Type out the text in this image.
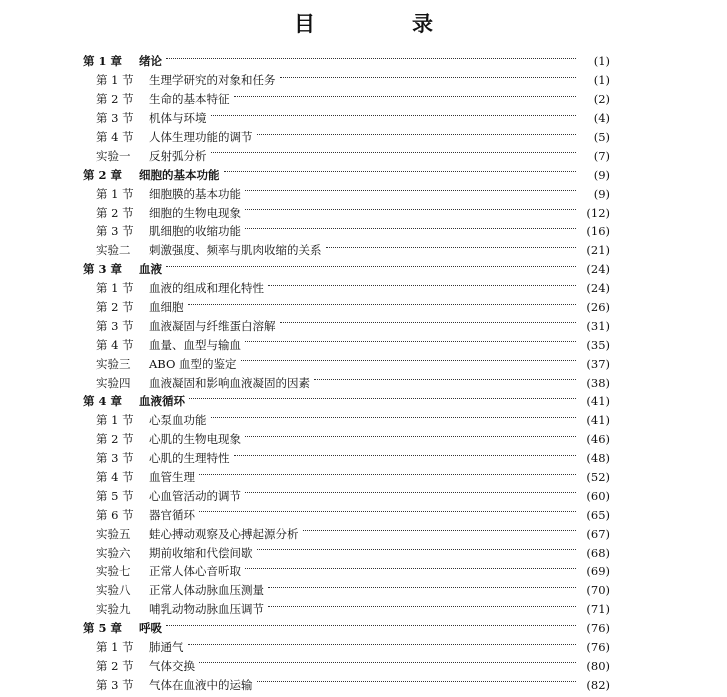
目　录
第 1 章	绪论	(1)
第 1 节	生理学研究的对象和任务	(1)
第 2 节	生命的基本特征	(2)
第 3 节	机体与环境	(4)
第 4 节	人体生理功能的调节	(5)
实验一	反射弧分析	(7)
第 2 章	细胞的基本功能	(9)
第 1 节	细胞膜的基本功能	(9)
第 2 节	细胞的生物电现象	(12)
第 3 节	肌细胞的收缩功能	(16)
实验二	刺激强度、频率与肌肉收缩的关系	(21)
第 3 章	血液	(24)
第 1 节	血液的组成和理化特性	(24)
第 2 节	血细胞	(26)
第 3 节	血液凝固与纤维蛋白溶解	(31)
第 4 节	血量、血型与输血	(35)
实验三	ABO 血型的鉴定	(37)
实验四	血液凝固和影响血液凝固的因素	(38)
第 4 章	血液循环	(41)
第 1 节	心泵血功能	(41)
第 2 节	心肌的生物电现象	(46)
第 3 节	心肌的生理特性	(48)
第 4 节	血管生理	(52)
第 5 节	心血管活动的调节	(60)
第 6 节	器官循环	(65)
实验五	蛙心搏动观察及心搏起源分析	(67)
实验六	期前收缩和代偿间歇	(68)
实验七	正常人体心音听取	(69)
实验八	正常人体动脉血压测量	(70)
实验九	哺乳动物动脉血压调节	(71)
第 5 章	呼吸	(76)
第 1 节	肺通气	(76)
第 2 节	气体交换	(80)
第 3 节	气体在血液中的运输	(82)
